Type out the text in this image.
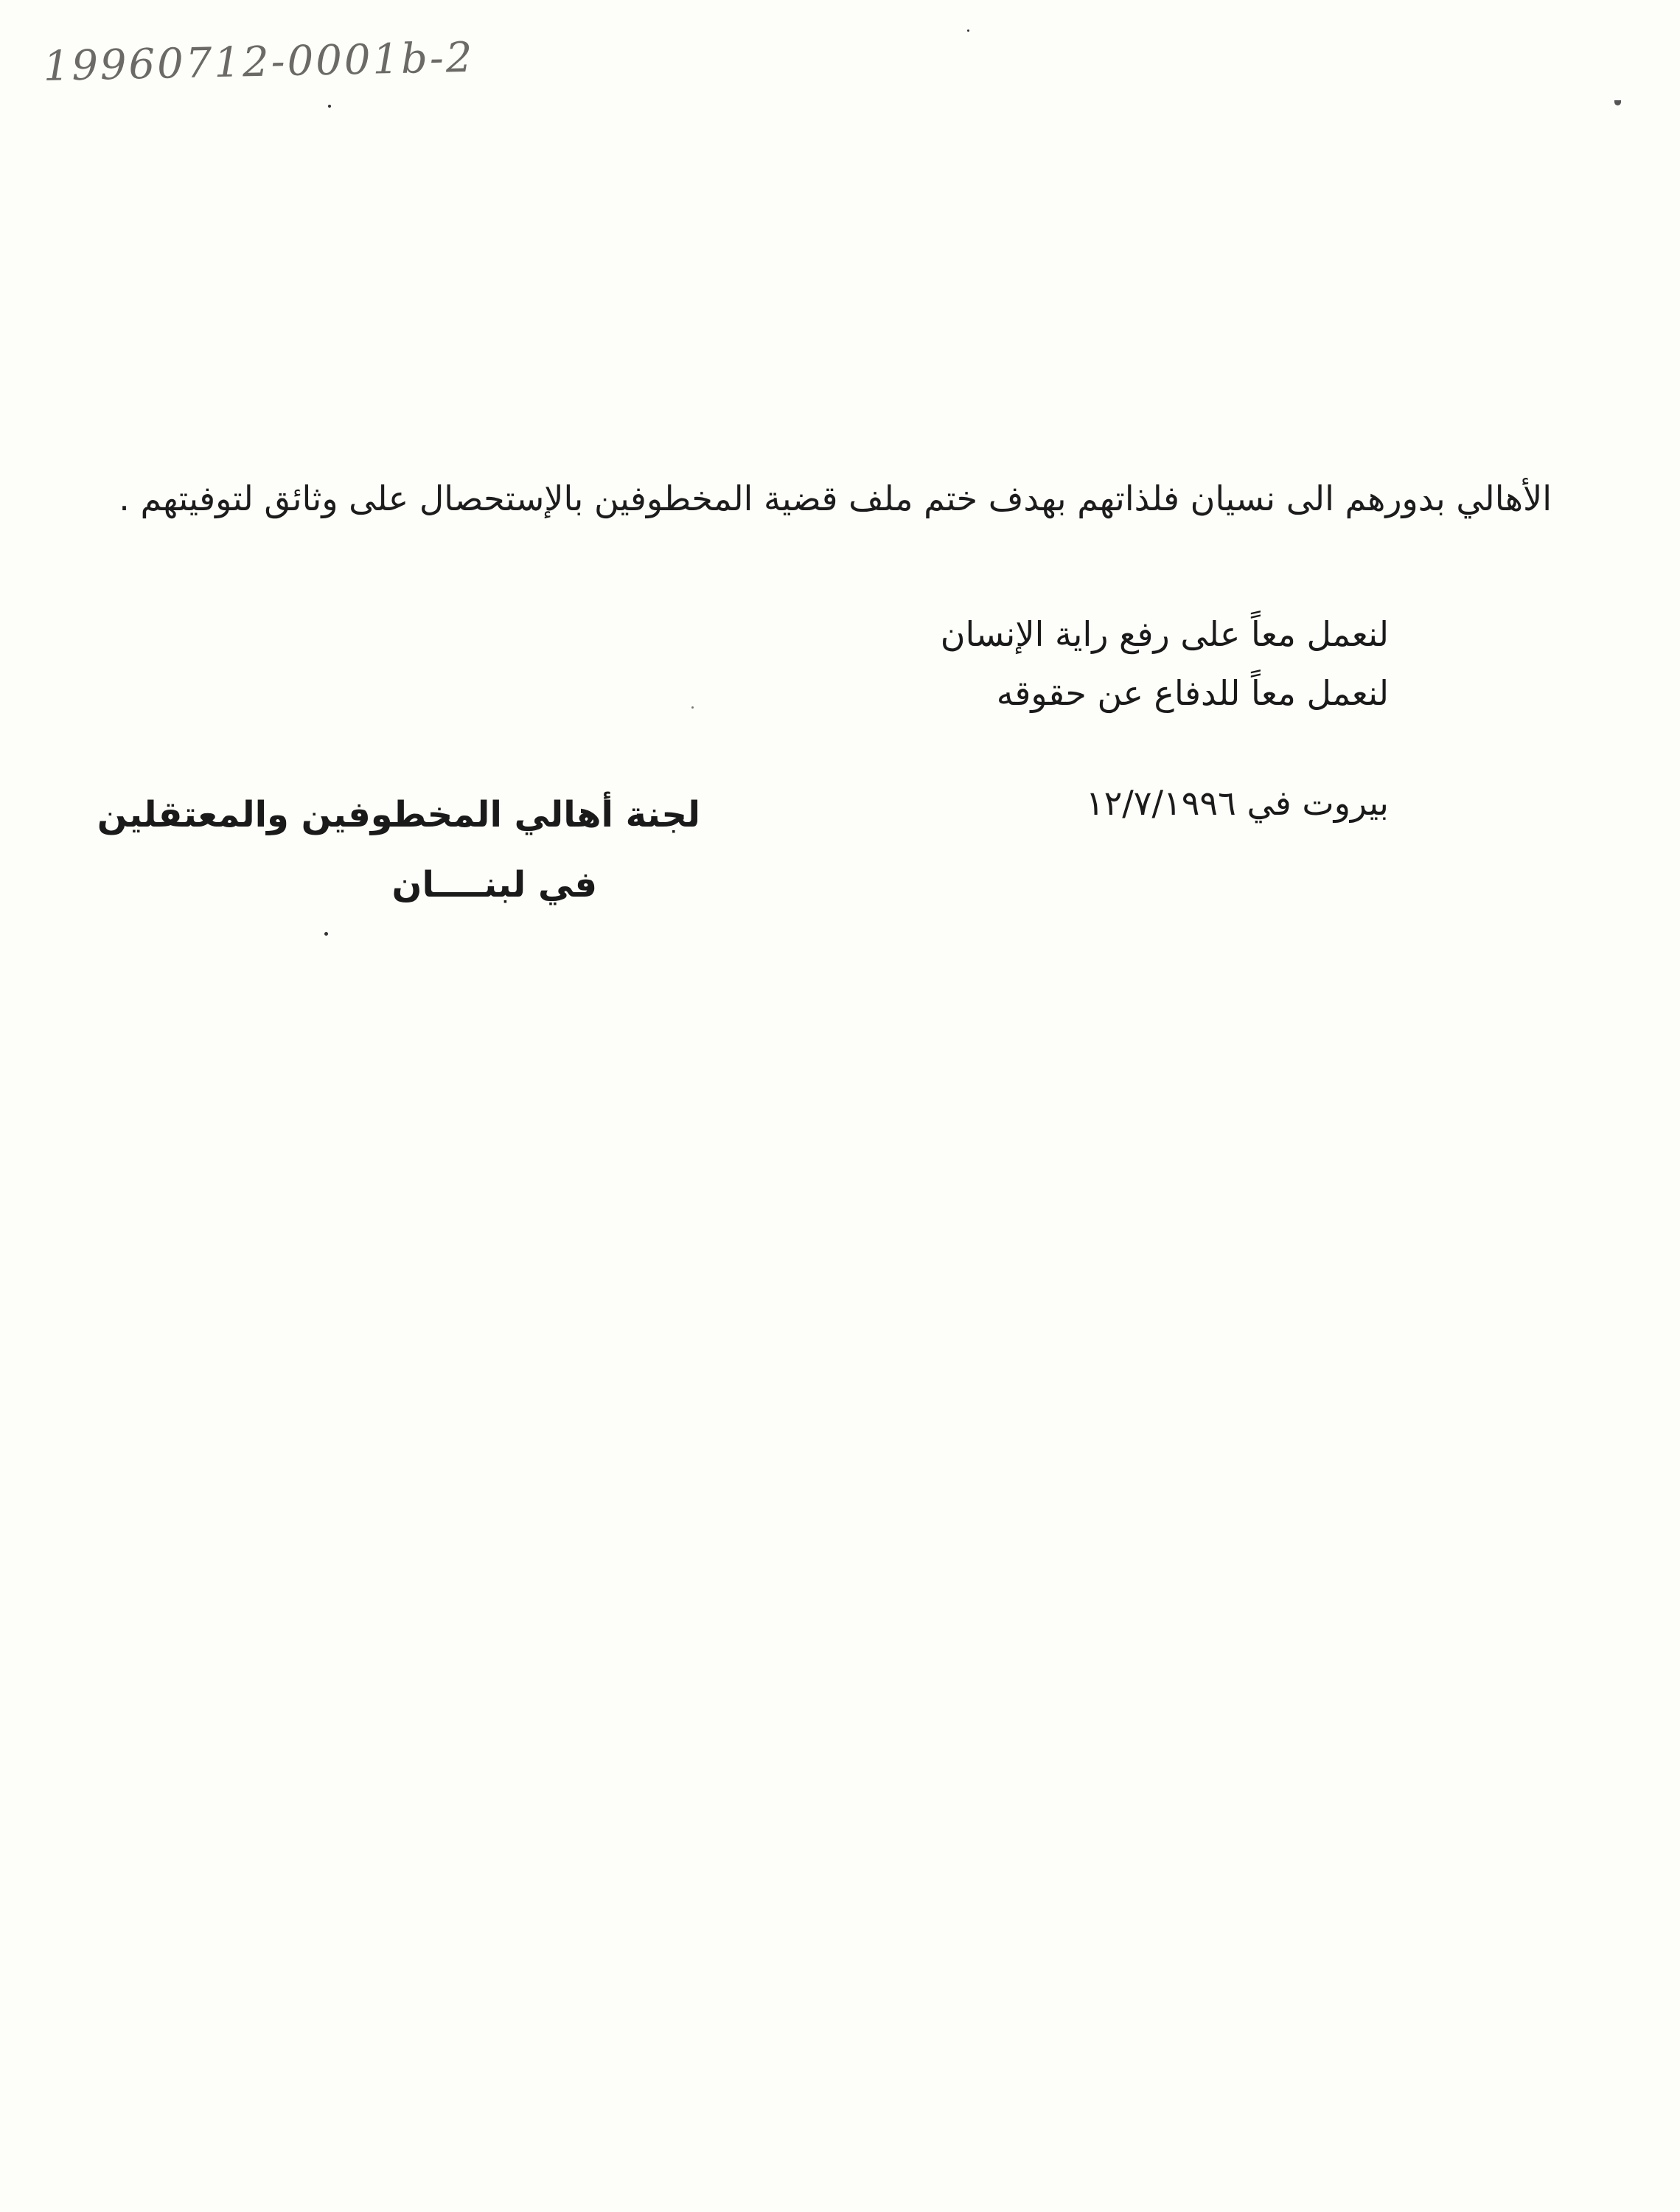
19960712-0001b-2

الأهالي بدورهم الى نسيان فلذاتهم بهدف ختم ملف قضية المخطوفين بالإستحصال على وثائق لتوفيتهم .

لنعمل معاً على رفع راية الإنسان
لنعمل معاً للدفاع عن حقوقه
بيروت في ١٢/٧/١٩٩٦
لجنة أهالي المخطوفين والمعتقلين
في لبنــــان
